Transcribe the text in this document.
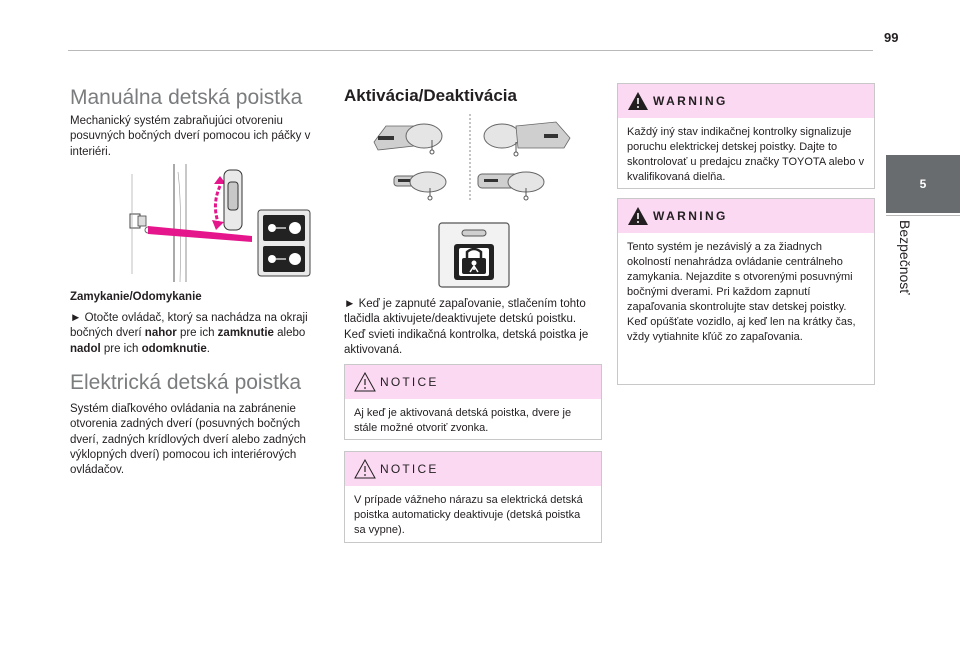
99
5
Bezpečnosť
Manuálna detská poistka

Mechanický systém zabraňujúci otvoreniu posuvných bočných dverí pomocou ich páčky v interiéri.

Zamykanie/Odomykanie

► Otočte ovládač, ktorý sa nachádza na okraji bočných dverí nahor pre ich zamknutie alebo nadol pre ich odomknutie.

Elektrická detská poistka

Systém diaľkového ovládania na zabránenie otvorenia zadných dverí (posuvných bočných dverí, zadných krídlových dverí alebo zadných výklopných dverí) pomocou ich interiérových ovládačov.

Aktivácia/Deaktivácia

► Keď je zapnuté zapaľovanie, stlačením tohto tlačidla aktivujete/deaktivujete detskú poistku. Keď svieti indikačná kontrolka, detská poistka je aktivovaná.

NOTICE
Aj keď je aktivovaná detská poistka, dvere je stále možné otvoriť zvonka.
NOTICE
V prípade vážneho nárazu sa elektrická detská poistka automaticky deaktivuje (detská poistka sa vypne).
WARNING
Každý iný stav indikačnej kontrolky signalizuje poruchu elektrickej detskej poistky. Dajte to skontrolovať u predajcu značky TOYOTA alebo v kvalifikovaná dielňa.
WARNING
Tento systém je nezávislý a za žiadnych okolností nenahrádza ovládanie centrálneho zamykania. Nejazdite s otvorenými posuvnými bočnými dverami. Pri každom zapnutí zapaľovania skontrolujte stav detskej poistky. Keď opúšťate vozidlo, aj keď len na krátky čas, vždy vytiahnite kľúč zo zapaľovania.
